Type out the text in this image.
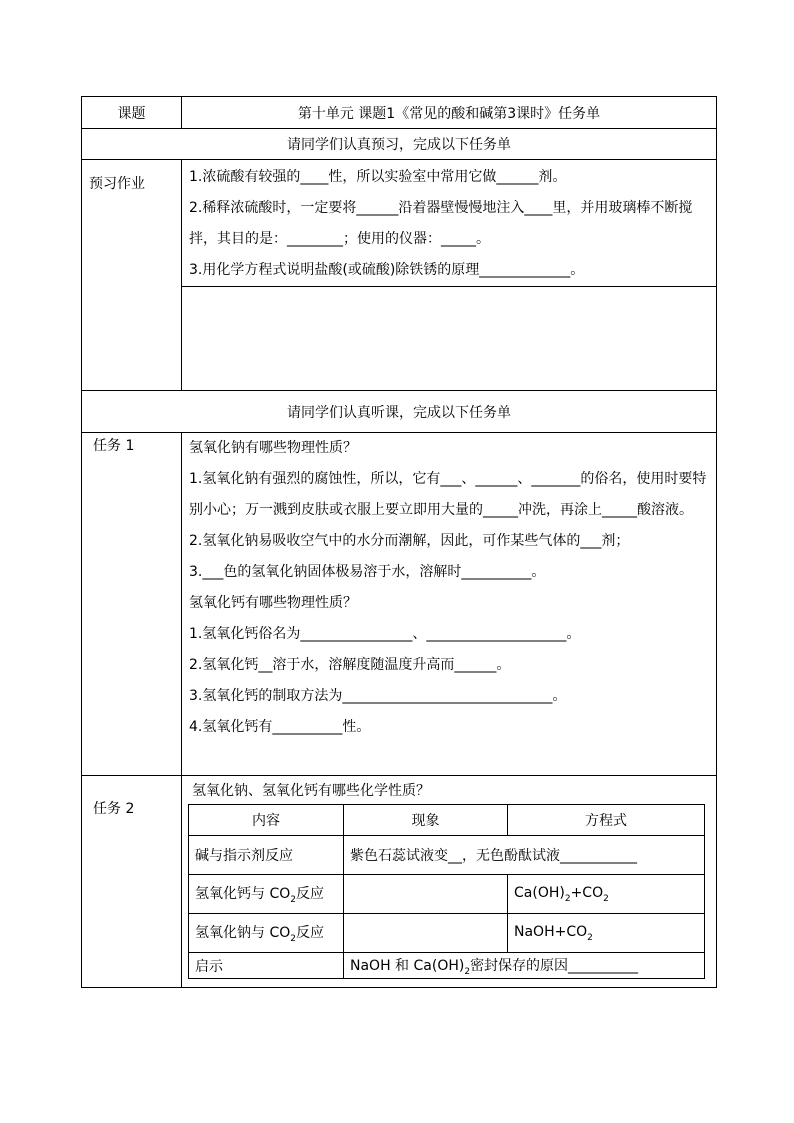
课题	第十单元 课题1《常见的酸和碱第3课时》任务单
请同学们认真预习，完成以下任务单

预习作业	1.浓硫酸有较强的____性，所以实验室中常用它做______剂。
2.稀释浓硫酸时，一定要将______沿着器壁慢慢地注入____里，并用玻璃棒不断搅拌，其目的是：________；使用的仪器：_____。
3.用化学方程式说明盐酸(或硫酸)除铁锈的原理_____________。

请同学们认真听课，完成以下任务单

任务 1	氢氧化钠有哪些物理性质？
1.氢氧化钠有强烈的腐蚀性，所以，它有___、______、_______的俗名，使用时要特别小心；万一溅到皮肤或衣服上要立即用大量的_____冲洗，再涂上_____酸溶液。
2.氢氧化钠易吸收空气中的水分而潮解，因此，可作某些气体的___剂；
3.___色的氢氧化钠固体极易溶于水，溶解时__________。
氢氧化钙有哪些物理性质？
1.氢氧化钙俗名为________________、____________________。
2.氢氧化钙__溶于水，溶解度随温度升高而______。
3.氢氧化钙的制取方法为______________________________。
4.氢氧化钙有__________性。

任务 2

氢氧化钠、氢氧化钙有哪些化学性质？
内容	现象	方程式
碱与指示剂反应	紫色石蕊试液变__，无色酚酞试液___________
氢氧化钙与 $CO_2$反应		$Ca(OH)_2+CO_2$
氢氧化钠与 $CO_2$反应		$NaOH+CO_2$
启示	NaOH 和 $Ca(OH)_2$密封保存的原因__________
